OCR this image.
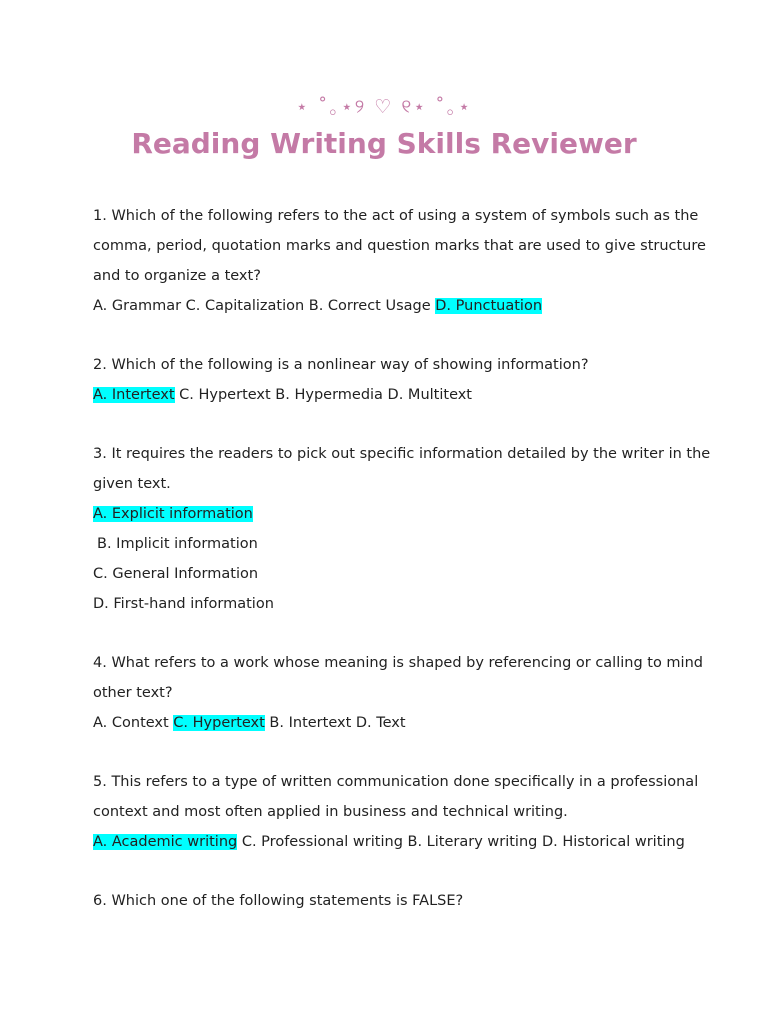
⋆ ˚｡⋆୨ ♡ ୧⋆ ˚｡⋆
Reading Writing Skills Reviewer
1. Which of the following refers to the act of using a system of symbols such as the
comma, period, quotation marks and question marks that are used to give structure
and to organize a text?
A. Grammar C. Capitalization B. Correct Usage D. Punctuation
2. Which of the following is a nonlinear way of showing information?
A. Intertext C. Hypertext B. Hypermedia D. Multitext
3. It requires the readers to pick out specific information detailed by the writer in the
given text.
A. Explicit information
B. Implicit information
C. General Information
D. First-hand information
4. What refers to a work whose meaning is shaped by referencing or calling to mind
other text?
A. Context C. Hypertext B. Intertext D. Text
5. This refers to a type of written communication done specifically in a professional
context and most often applied in business and technical writing.
A. Academic writing C. Professional writing B. Literary writing D. Historical writing
6. Which one of the following statements is FALSE?
